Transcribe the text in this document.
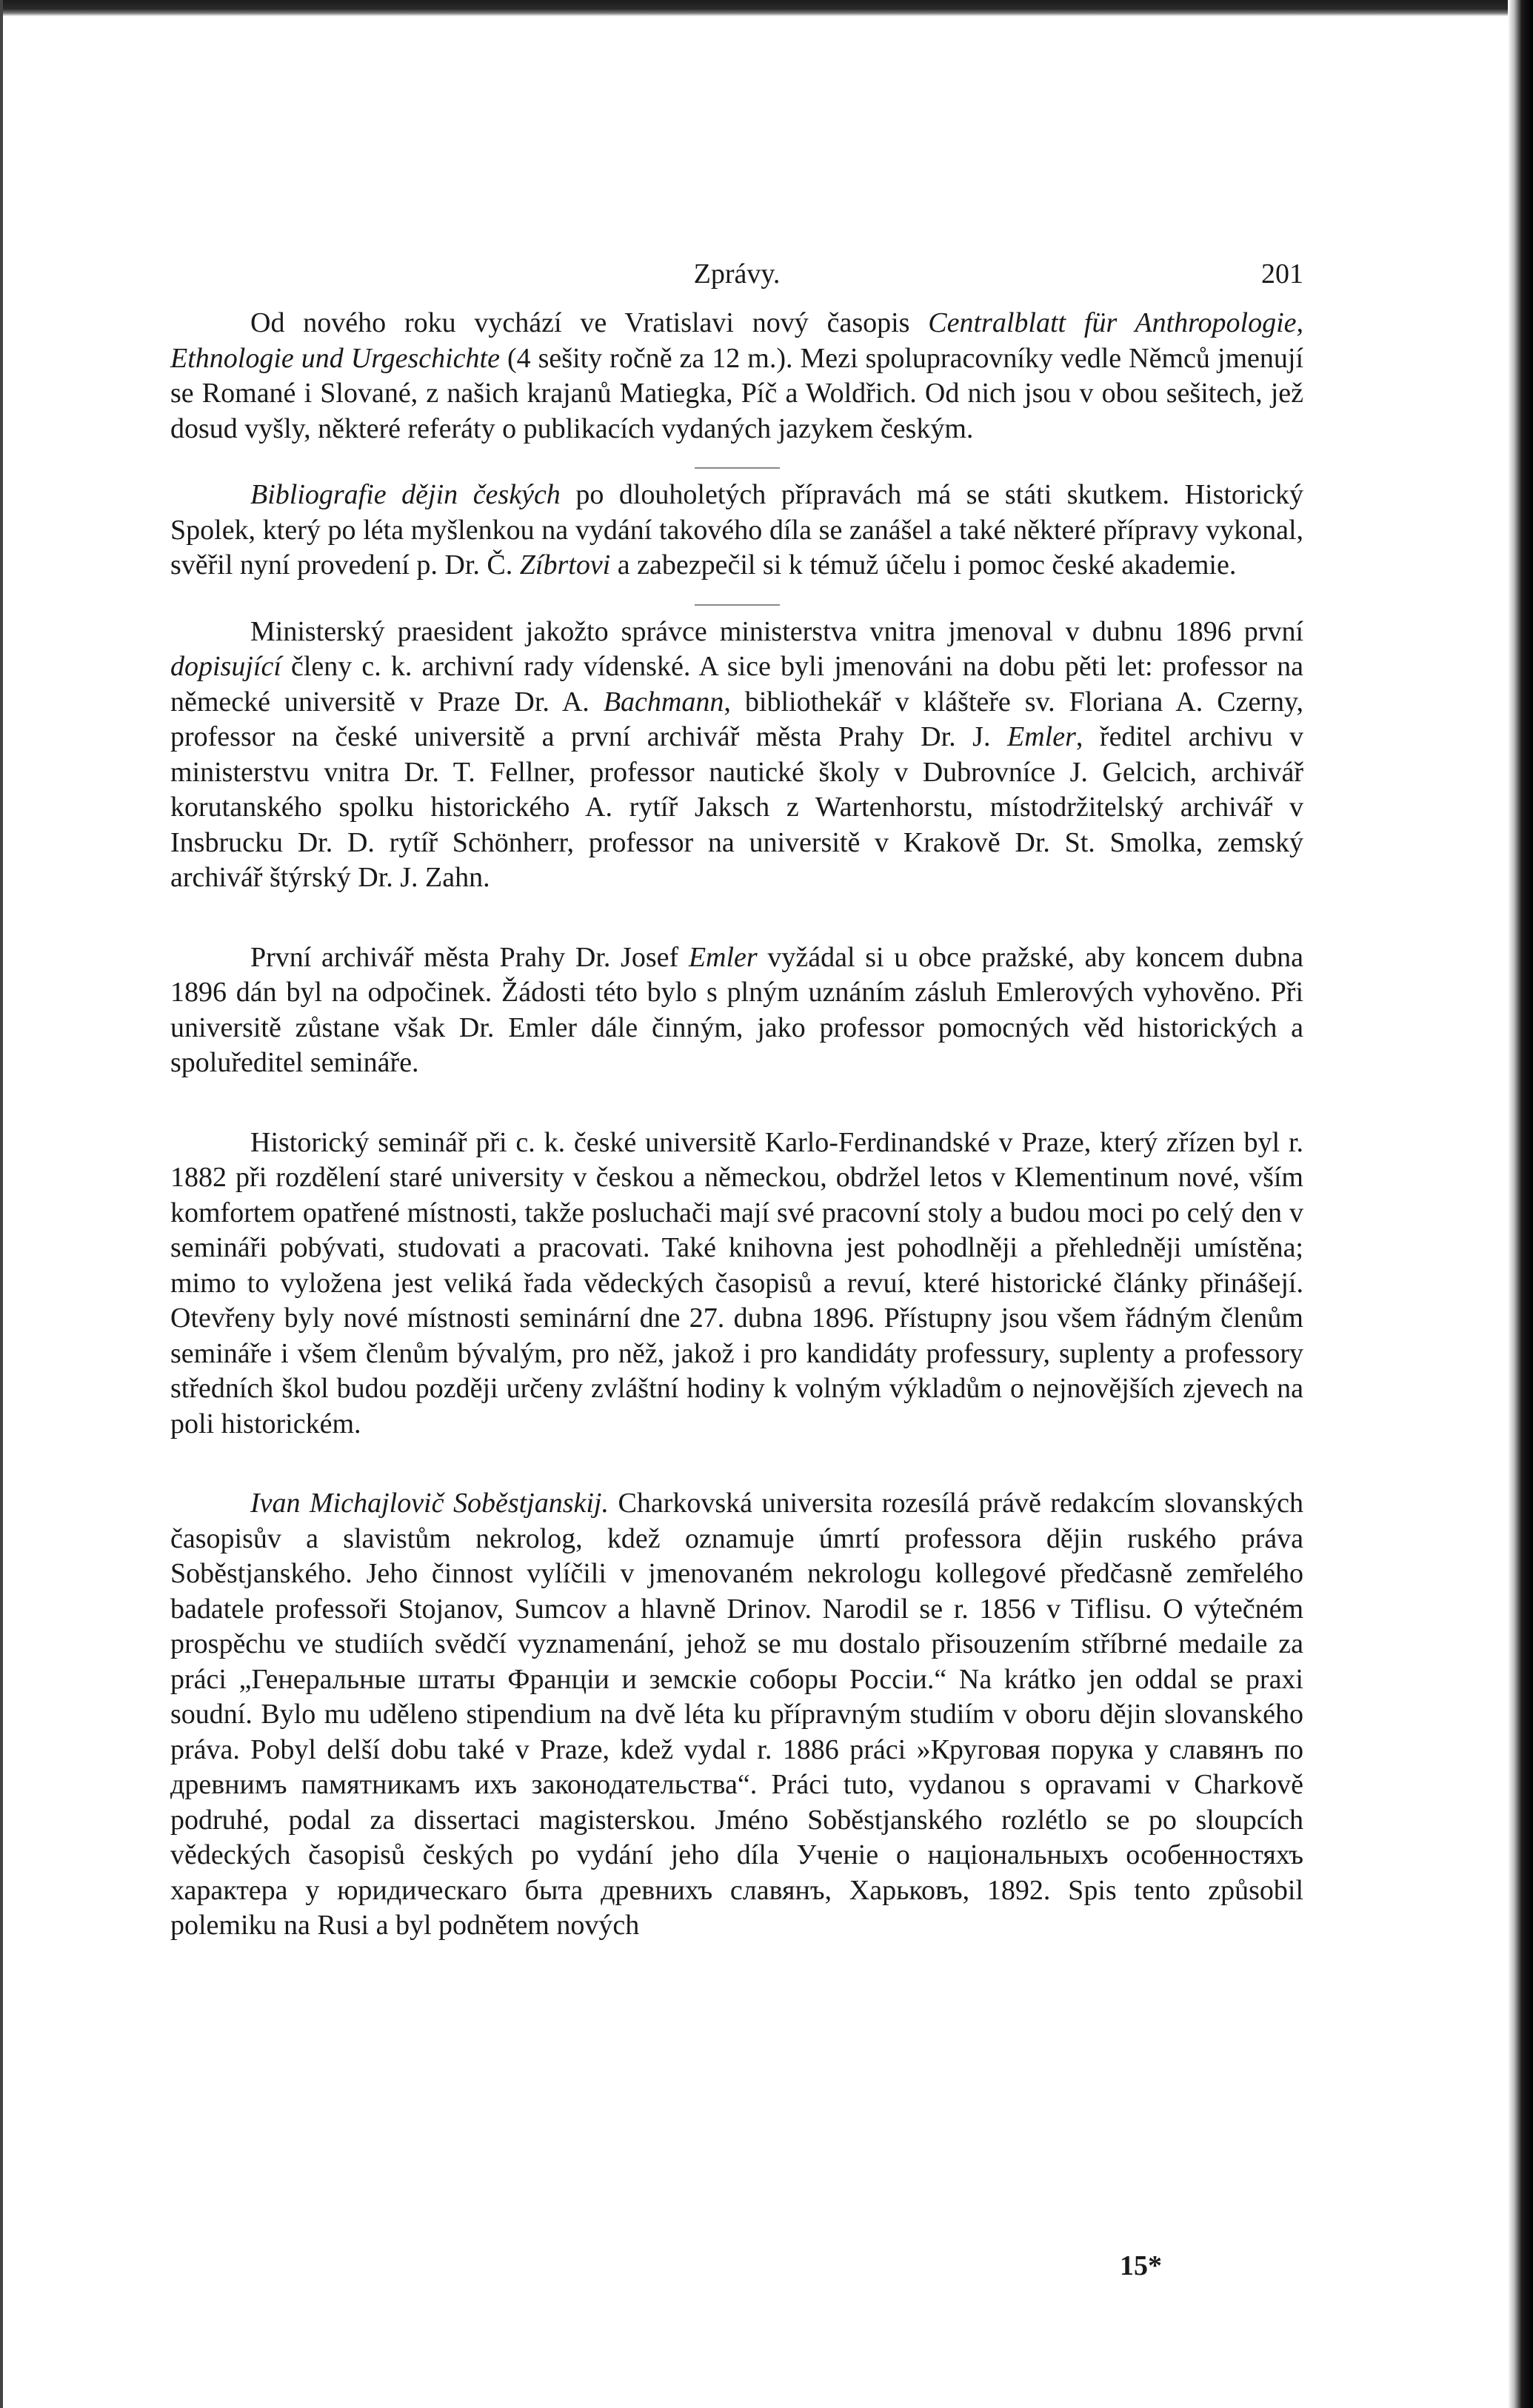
Zprávy.	201

Od nového roku vychází ve Vratislavi nový časopis Centralblatt für Anthropologie, Ethnologie und Urgeschichte (4 sešity ročně za 12 m.). Mezi spolupracovníky vedle Němců jmenují se Romané i Slované, z našich krajanů Matiegka, Píč a Woldřich. Od nich jsou v obou sešitech, jež dosud vyšly, některé referáty o publikacích vydaných jazykem českým.

Bibliografie dějin českých po dlouholetých přípravách má se státi skutkem. Historický Spolek, který po léta myšlenkou na vydání takového díla se zanášel a také některé přípravy vykonal, svěřil nyní provedení p. Dr. Č. Zíbrtovi a zabezpečil si k témuž účelu i pomoc české akademie.

Ministerský praesident jakožto správce ministerstva vnitra jmenoval v dubnu 1896 první dopisující členy c. k. archivní rady vídenské. A sice byli jmenováni na dobu pěti let: professor na německé universitě v Praze Dr. A. Bachmann, bibliothekář v klášteře sv. Floriana A. Czerny, professor na české universitě a první archivář města Prahy Dr. J. Emler, ředitel archivu v ministerstvu vnitra Dr. T. Fellner, professor nautické školy v Dubrovníce J. Gelcich, archivář korutanského spolku historického A. rytíř Jaksch z Wartenhorstu, místodržitelský archivář v Insbrucku Dr. D. rytíř Schönherr, professor na universitě v Krakově Dr. St. Smolka, zemský archivář štýrský Dr. J. Zahn.

První archivář města Prahy Dr. Josef Emler vyžádal si u obce pražské, aby koncem dubna 1896 dán byl na odpočinek. Žádosti této bylo s plným uznáním zásluh Emlerových vyhověno. Při universitě zůstane však Dr. Emler dále činným, jako professor pomocných věd historických a spoluředitel semináře.

Historický seminář při c. k. české universitě Karlo-Ferdinandské v Praze, který zřízen byl r. 1882 při rozdělení staré university v českou a německou, obdržel letos v Klementinum nové, vším komfortem opatřené místnosti, takže posluchači mají své pracovní stoly a budou moci po celý den v semináři pobývati, studovati a pracovati. Také knihovna jest pohodlněji a přehledněji umístěna; mimo to vyložena jest veliká řada vědeckých časopisů a revuí, které historické články přinášejí. Otevřeny byly nové místnosti seminární dne 27. dubna 1896. Přístupny jsou všem řádným členům semináře i všem členům bývalým, pro něž, jakož i pro kandidáty professury, suplenty a professory středních škol budou později určeny zvláštní hodiny k volným výkladům o nejnovějších zjevech na poli historickém.

Ivan Michajlovič Soběstjanskij. Charkovská universita rozesílá právě redakcím slovanských časopisův a slavistům nekrolog, kdež oznamuje úmrtí professora dějin ruského práva Soběstjanského. Jeho činnost vylíčili v jmenovaném nekrologu kollegové předčasně zemřelého badatele professoři Stojanov, Sumcov a hlavně Drinov. Narodil se r. 1856 v Tiflisu. O výtečném prospěchu ve studiích svědčí vyznamenání, jehož se mu dostalo přisouzením stříbrné medaile za práci „Генеральные штаты Франціи и земскіе соборы Россіи.“ Na krátko jen oddal se praxi soudní. Bylo mu uděleno stipendium na dvě léta ku přípravným studiím v oboru dějin slovanského práva. Pobyl delší dobu také v Praze, kdež vydal r. 1886 práci »Круговая порука у славянъ по древнимъ памятникамъ ихъ законодательства“. Práci tuto, vydanou s opravami v Charkově podruhé, podal za dissertaci magisterskou. Jméno Soběstjanského rozlétlo se po sloupcích vědeckých časopisů českých po vydání jeho díla Ученіе о національныхъ особенностяхъ характера у юридическаго быта древнихъ славянъ, Харьковъ, 1892. Spis tento způsobil polemiku na Rusi a byl podnětem nových

15*
